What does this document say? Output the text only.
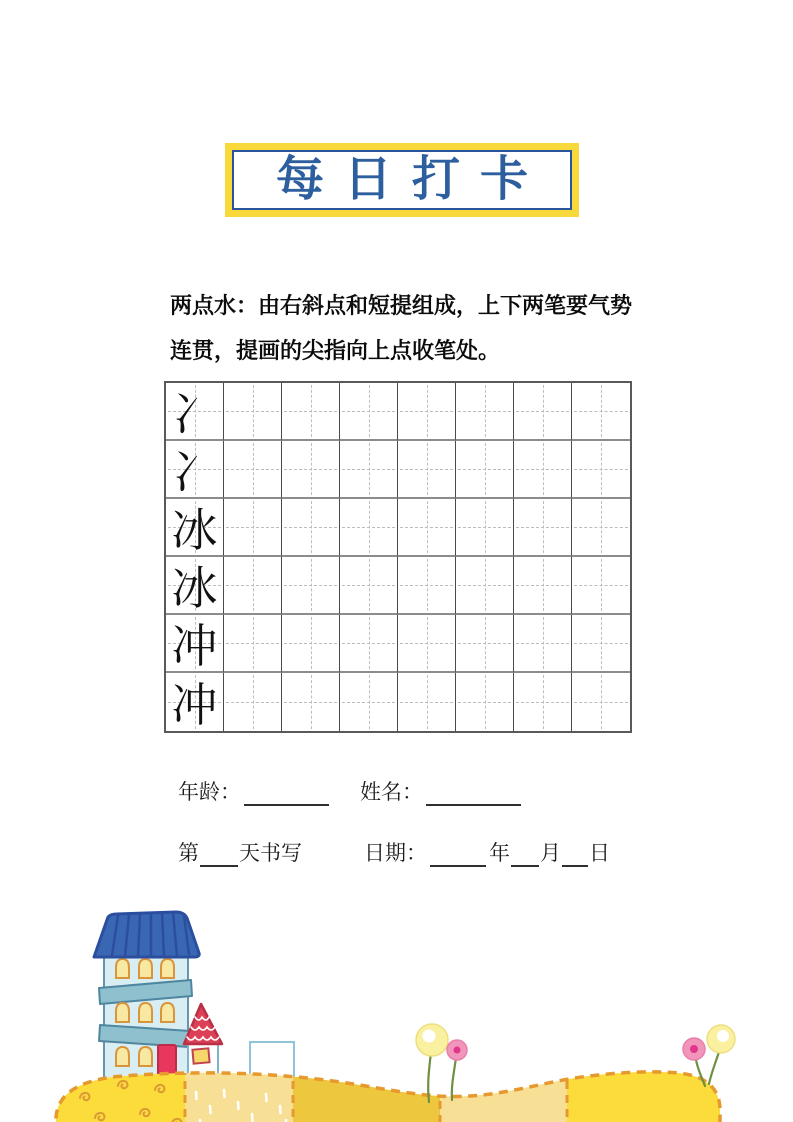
每日打卡
两点水：由右斜点和短提组成，上下两笔要气势
连贯，提画的尖指向上点收笔处。
冫
冫
冰
冰
冲
冲
年龄：	姓名：
第 天书写	日期：	年 月 日
